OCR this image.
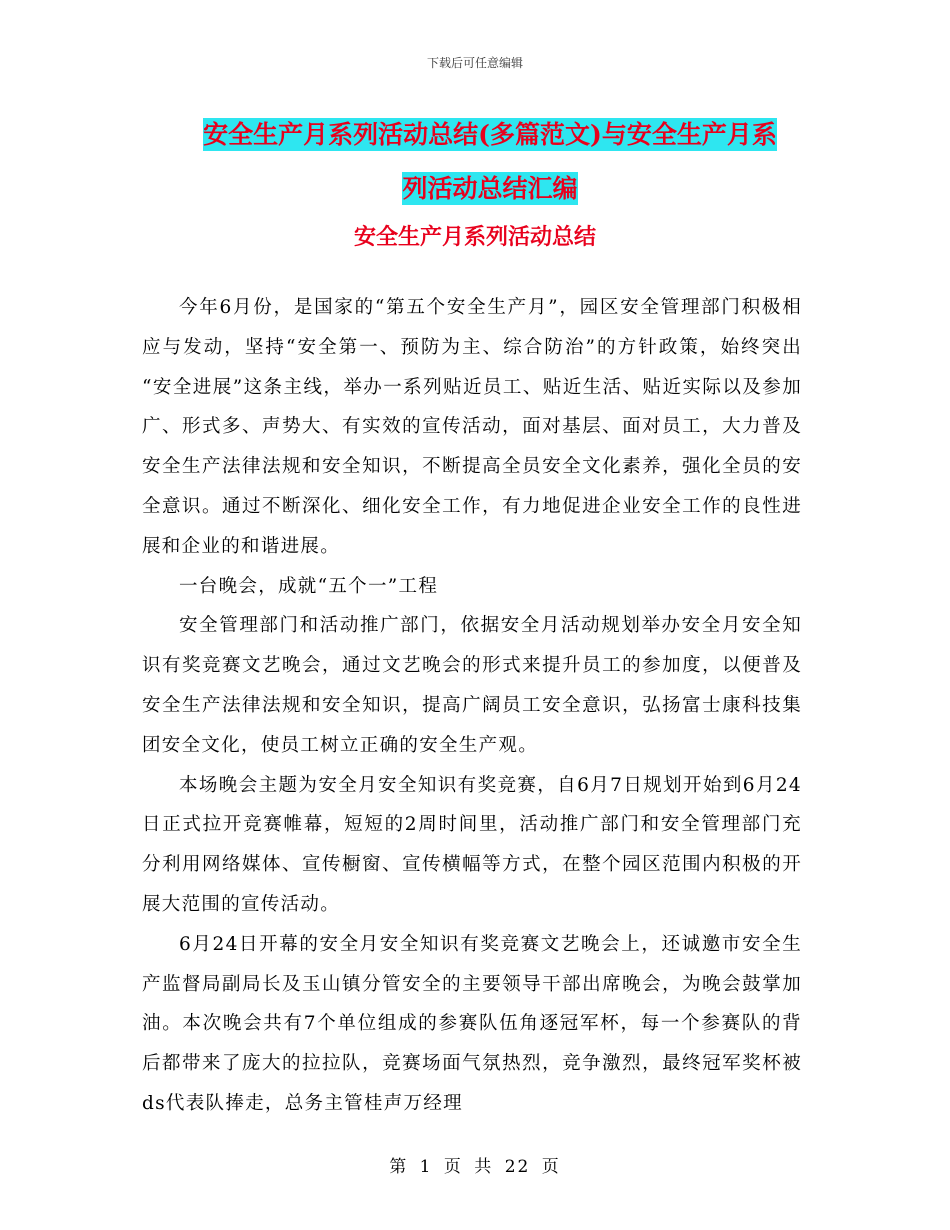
下载后可任意编辑
安全生产月系列活动总结(多篇范文)与安全生产月系
列活动总结汇编
安全生产月系列活动总结

今年6月份，是国家的“第五个安全生产月”，园区安全管理部门积极相应与发动，坚持“安全第一、预防为主、综合防治”的方针政策，始终突出 “安全进展”这条主线，举办一系列贴近员工、贴近生活、贴近实际以及参加广、形式多、声势大、有实效的宣传活动，面对基层、面对员工，大力普及安全生产法律法规和安全知识，不断提高全员安全文化素养，强化全员的安全意识。通过不断深化、细化安全工作，有力地促进企业安全工作的良性进展和企业的和谐进展。

一台晚会，成就“五个一”工程

安全管理部门和活动推广部门，依据安全月活动规划举办安全月安全知识有奖竞赛文艺晚会，通过文艺晚会的形式来提升员工的参加度，以便普及安全生产法律法规和安全知识，提高广阔员工安全意识，弘扬富士康科技集团安全文化，使员工树立正确的安全生产观。

本场晚会主题为安全月安全知识有奖竞赛，自6月7日规划开始到6月24日正式拉开竞赛帷幕，短短的2周时间里，活动推广部门和安全管理部门充分利用网络媒体、宣传橱窗、宣传横幅等方式，在整个园区范围内积极的开展大范围的宣传活动。

6月24日开幕的安全月安全知识有奖竞赛文艺晚会上，还诚邀市安全生产监督局副局长及玉山镇分管安全的主要领导干部出席晚会，为晚会鼓掌加油。本次晚会共有7个单位组成的参赛队伍角逐冠军杯，每一个参赛队的背后都带来了庞大的拉拉队，竞赛场面气氛热烈，竞争激烈，最终冠军奖杯被ds代表队捧走，总务主管桂声万经理

第 1 页 共 22 页
